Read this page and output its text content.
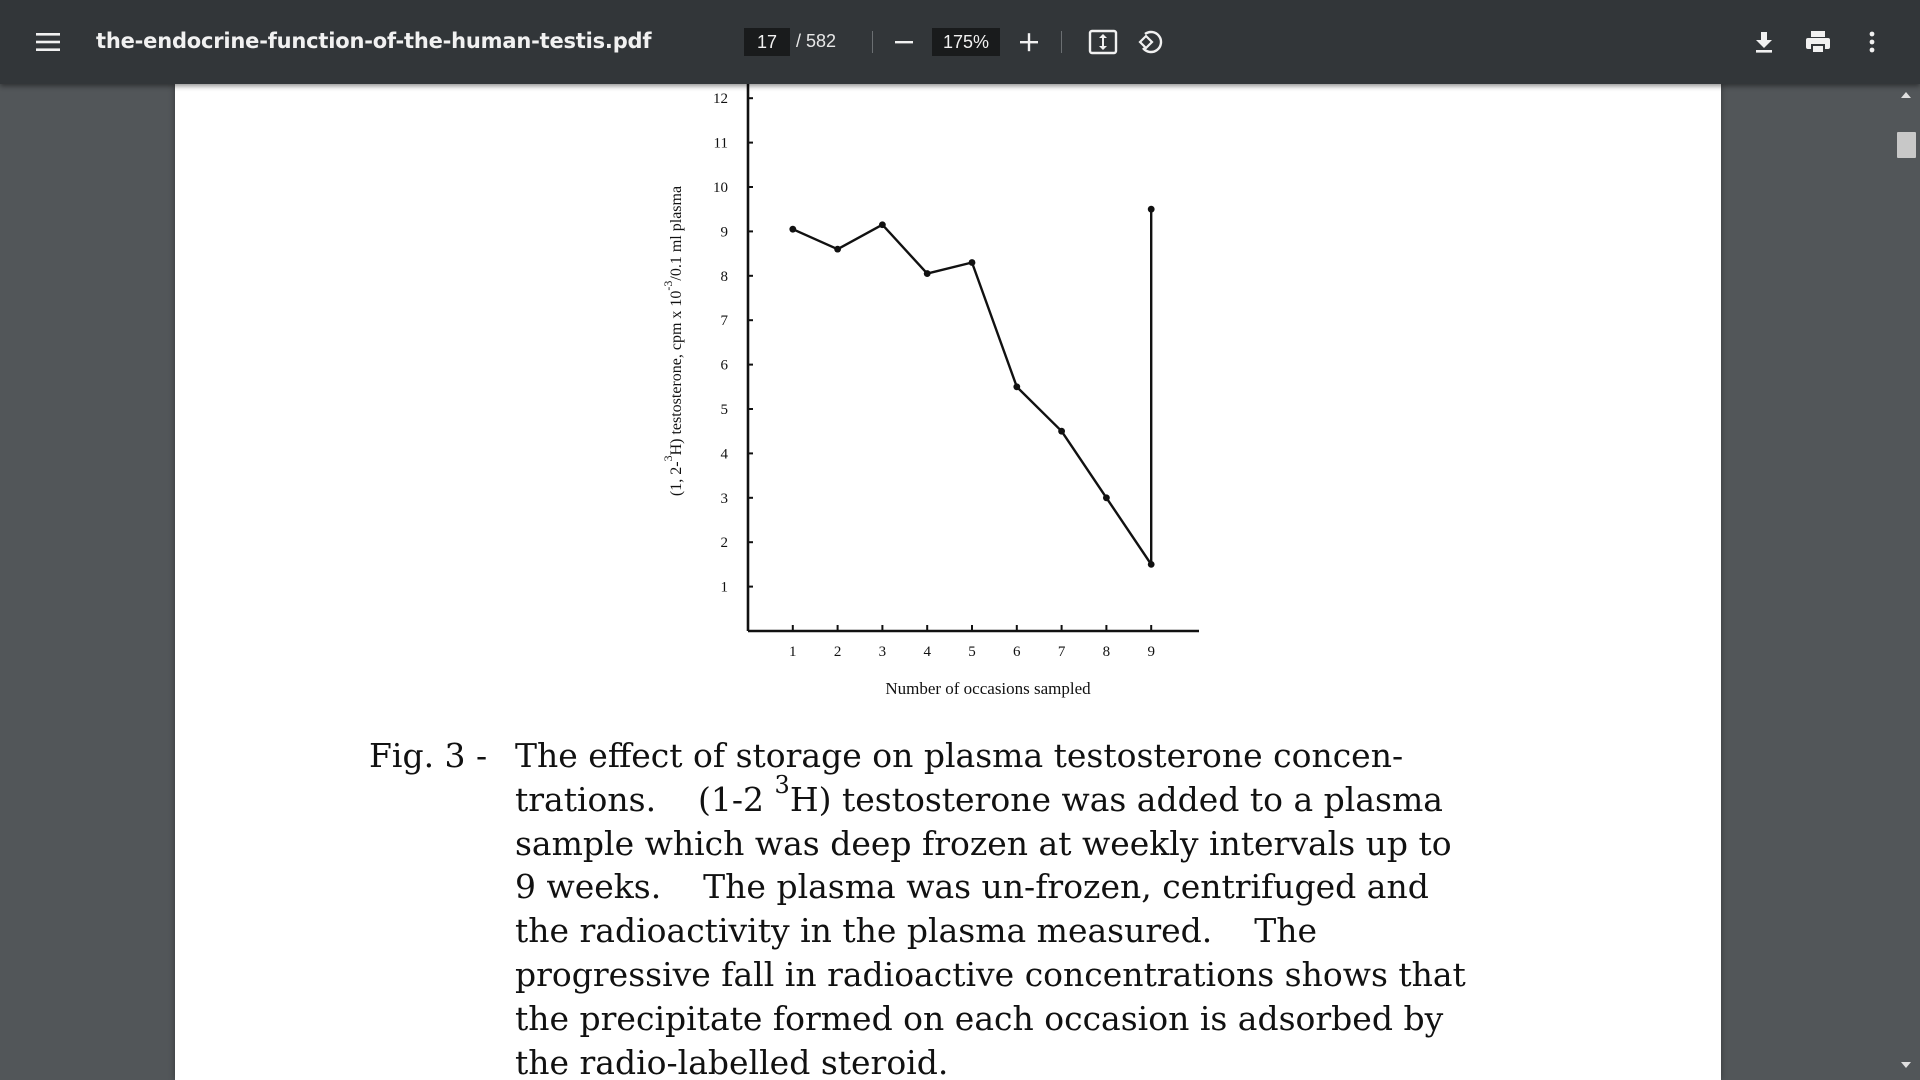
the-endocrine-function-of-the-human-testis.pdf
17	/ 582
175%
1
2
3
4
5
6
7
8
9
10
11
12
1 2 3 4 5 6 7 8 9
Number of occasions sampled
(1, 2-$^3$H) testosterone, cpm x $10^{-3}/0.1$ ml plasma
Fig. 3 - The effect of storage on plasma testosterone concen-
trations.    (1-2 $^3$H) testosterone was added to a plasma
sample which was deep frozen at weekly intervals up to
9 weeks.    The plasma was un-frozen, centrifuged and
the radioactivity in the plasma measured.    The
progressive fall in radioactive concentrations shows that
the precipitate formed on each occasion is adsorbed by
the radio-labelled steroid.
